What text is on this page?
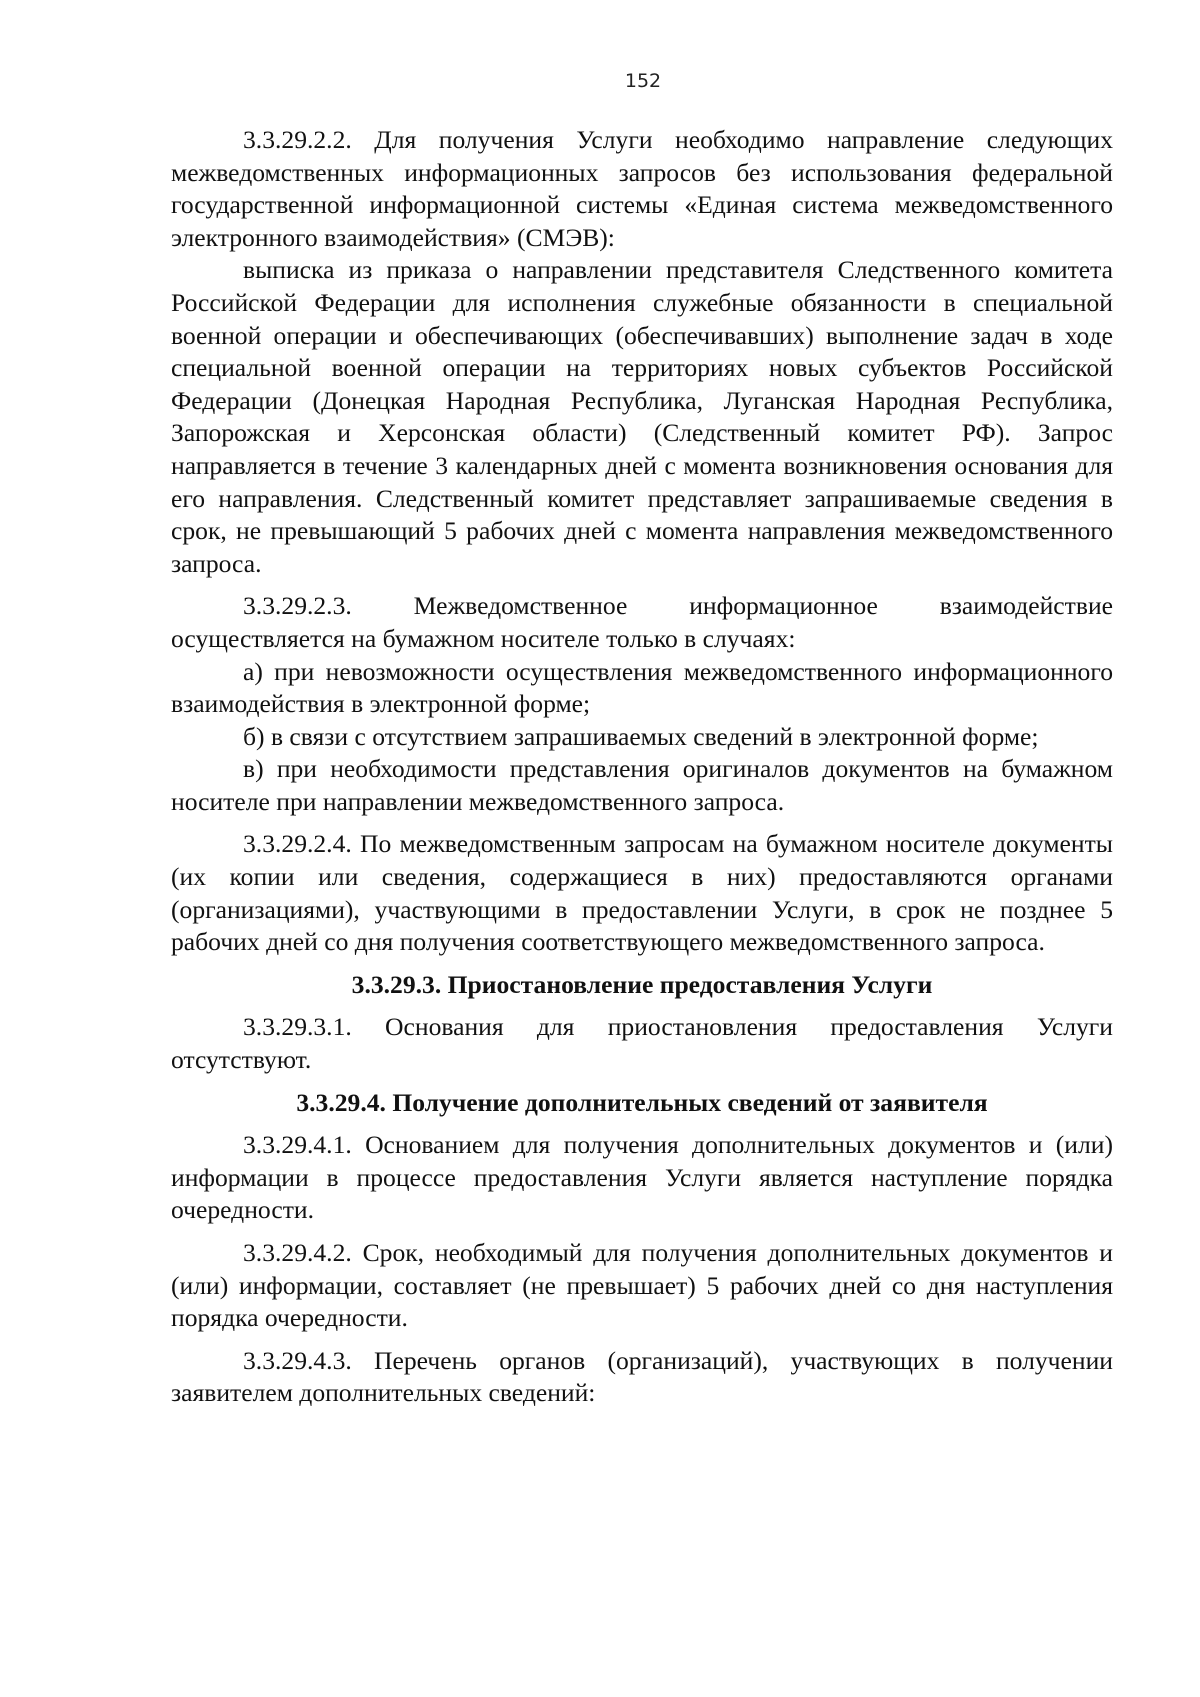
152

3.3.29.2.2. Для получения Услуги необходимо направление следующих межведомственных информационных запросов без использования федеральной государственной информационной системы «Единая система межведомственного электронного взаимодействия» (СМЭВ):

выписка из приказа о направлении представителя Следственного комитета Российской Федерации для исполнения служебные обязанности в специальной военной операции и обеспечивающих (обеспечивавших) выполнение задач в ходе специальной военной операции на территориях новых субъектов Российской Федерации (Донецкая Народная Республика, Луганская Народная Республика, Запорожская и Херсонская области) (Следственный комитет РФ). Запрос направляется в течение 3 календарных дней с момента возникновения основания для его направления. Следственный комитет представляет запрашиваемые сведения в срок, не превышающий 5 рабочих дней с момента направления межведомственного запроса.

3.3.29.2.3. Межведомственное информационное взаимодействие осуществляется на бумажном носителе только в случаях:

а) при невозможности осуществления межведомственного информационного взаимодействия в электронной форме;

б) в связи с отсутствием запрашиваемых сведений в электронной форме;

в) при необходимости представления оригиналов документов на бумажном носителе при направлении межведомственного запроса.

3.3.29.2.4. По межведомственным запросам на бумажном носителе документы (их копии или сведения, содержащиеся в них) предоставляются органами (организациями), участвующими в предоставлении Услуги, в срок не позднее 5 рабочих дней со дня получения соответствующего межведомственного запроса.

3.3.29.3. Приостановление предоставления Услуги

3.3.29.3.1. Основания для приостановления предоставления Услуги отсутствуют.

3.3.29.4. Получение дополнительных сведений от заявителя

3.3.29.4.1. Основанием для получения дополнительных документов и (или) информации в процессе предоставления Услуги является наступление порядка очередности.

3.3.29.4.2. Срок, необходимый для получения дополнительных документов и (или) информации, составляет (не превышает) 5 рабочих дней со дня наступления порядка очередности.

3.3.29.4.3. Перечень органов (организаций), участвующих в получении заявителем дополнительных сведений:
